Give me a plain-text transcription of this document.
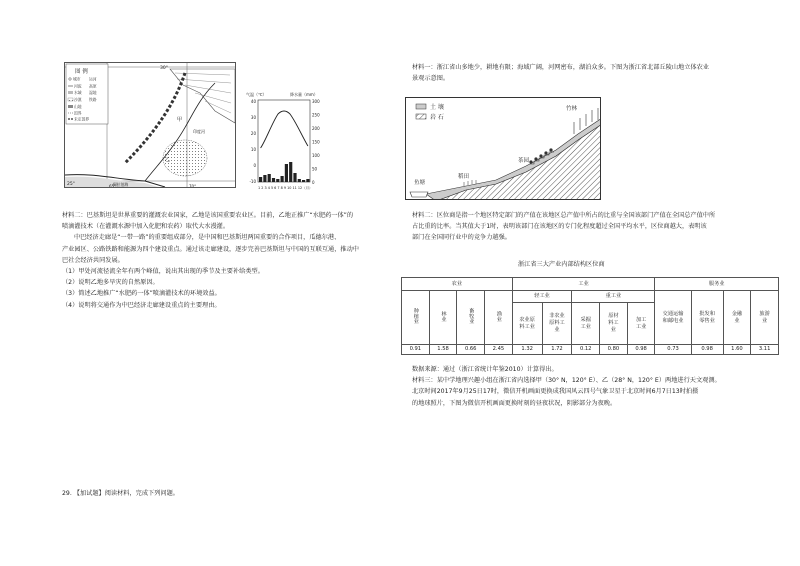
图 例
城市
河流
水域
沙漠
山地
国界
未定国界
运河
高原
湿地
铁路
30°
25°	65°	70°
甲
乙
印度河
阿拉伯海
气温（℃）	降水量（mm）
40
30
20
10
0
-10
300
250
200
150
100
50
0
1 2 3 4 5 6 7 8 9 10 11 12（月）
材料二：巴基斯坦是世界重要的灌溉农业国家，乙地是该国重要农业区。目前，乙地正推广“水肥药一体”的
喷滴灌技术（在灌溉水源中加入化肥和农药）取代大水漫灌。
中巴经济走廊是“一带一路”的重要组成部分，是中国和巴基斯坦两国重要的合作项目，瓜德尔港、
产业园区、公路铁路和能源为四个建设重点。通过该走廊建设，逐步完善巴基斯坦与中国的互联互通，推动中
巴社会经济共同发展。
（1）甲处河流径流全年有两个峰值，说出其出现的季节及主要补给类型。
（2）说明乙地多旱灾的自然原因。
（3）简述乙地推广“水肥药一体”喷滴灌技术的环境效益。
（4）说明将交通作为中巴经济走廊建设重点的主要理由。
29. 【加试题】阅读材料，完成下列问题。
材料一：浙江省山多地少，耕地有限；海域广阔，河网密布，湖泊众多。下图为浙江省北部丘陵山地立体农业
景观示意图。
土 壤
岩 石
鱼塘
稻田
茶园
竹林
材料二：区位商是指一个地区特定部门的产值在该地区总产值中所占的比重与全国该部门产值在全国总产值中所
占比重的比率。当其值大于1时，表明该部门在该地区的专门化程度超过全国平均水平，区位商越大，表明该
部门在全国同行业中的竞争力越强。
浙江省三大产业内部结构区位商
农业				工业					服务业			
种植业	林业	畜牧业	渔业	轻工业		重工业			交通运输和邮电业	批发和零售业	金融业	旅游业
				农业原料工业	非农业原料工业	采掘工业	原材料工业	加工工业				
0.91	1.58	0.66	2.45	1.32	1.72	0.12	0.80	0.98	0.73	0.98	1.60	3.11
数据来源：通过（浙江省统计年鉴2010）计算得出。
材料三：某中学地理兴趣小组在浙江省内选择甲（30° N，120° E）、乙（28° N，120° E）两地进行天文观测。
北京时间2017年9月25日17时，微信开机画面更换成我国风云四号气象卫星于北京时间6月7日13时拍摄
的地球照片，下图为微信开机画面更换时刻的昼夜状况，阴影部分为夜晚。
